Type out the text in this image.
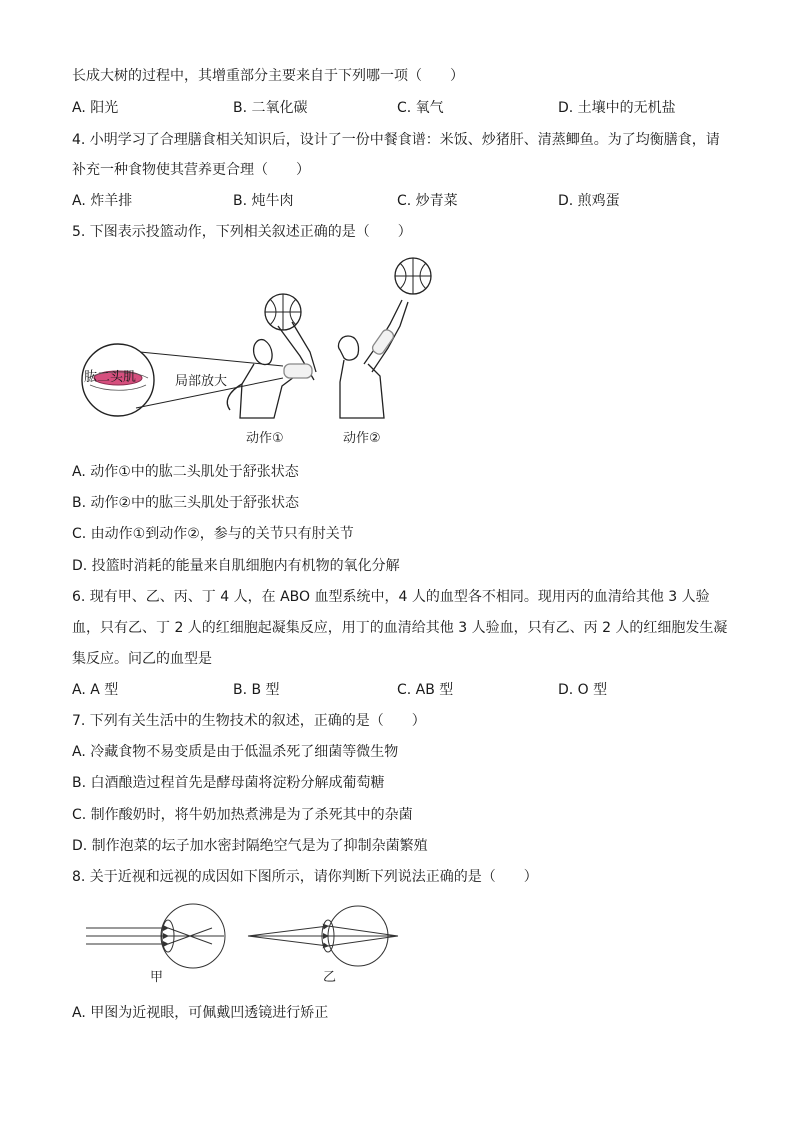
长成大树的过程中，其增重部分主要来自于下列哪一项（　　）
A. 阳光	B. 二氧化碳	C. 氧气	D. 土壤中的无机盐
4. 小明学习了合理膳食相关知识后，设计了一份中餐食谱：米饭、炒猪肝、清蒸鲫鱼。为了均衡膳食，请
补充一种食物使其营养更合理（　　）
A. 炸羊排	B. 炖牛肉	C. 炒青菜	D. 煎鸡蛋
5. 下图表示投篮动作，下列相关叙述正确的是（　　）
肱二头肌	局部放大
动作①	动作②
A. 动作①中的肱二头肌处于舒张状态
B. 动作②中的肱三头肌处于舒张状态
C. 由动作①到动作②，参与的关节只有肘关节
D. 投篮时消耗的能量来自肌细胞内有机物的氧化分解
6. 现有甲、乙、丙、丁 4 人，在 ABO 血型系统中，4 人的血型各不相同。现用丙的血清给其他 3 人验
血，只有乙、丁 2 人的红细胞起凝集反应，用丁的血清给其他 3 人验血，只有乙、丙 2 人的红细胞发生凝
集反应。问乙的血型是
A. A 型	B. B 型	C. AB 型	D. O 型
7. 下列有关生活中的生物技术的叙述，正确的是（　　）
A. 冷藏食物不易变质是由于低温杀死了细菌等微生物
B. 白酒酿造过程首先是酵母菌将淀粉分解成葡萄糖
C. 制作酸奶时，将牛奶加热煮沸是为了杀死其中的杂菌
D. 制作泡菜的坛子加水密封隔绝空气是为了抑制杂菌繁殖
8. 关于近视和远视的成因如下图所示，请你判断下列说法正确的是（　　）
甲	乙
A. 甲图为近视眼，可佩戴凹透镜进行矫正
